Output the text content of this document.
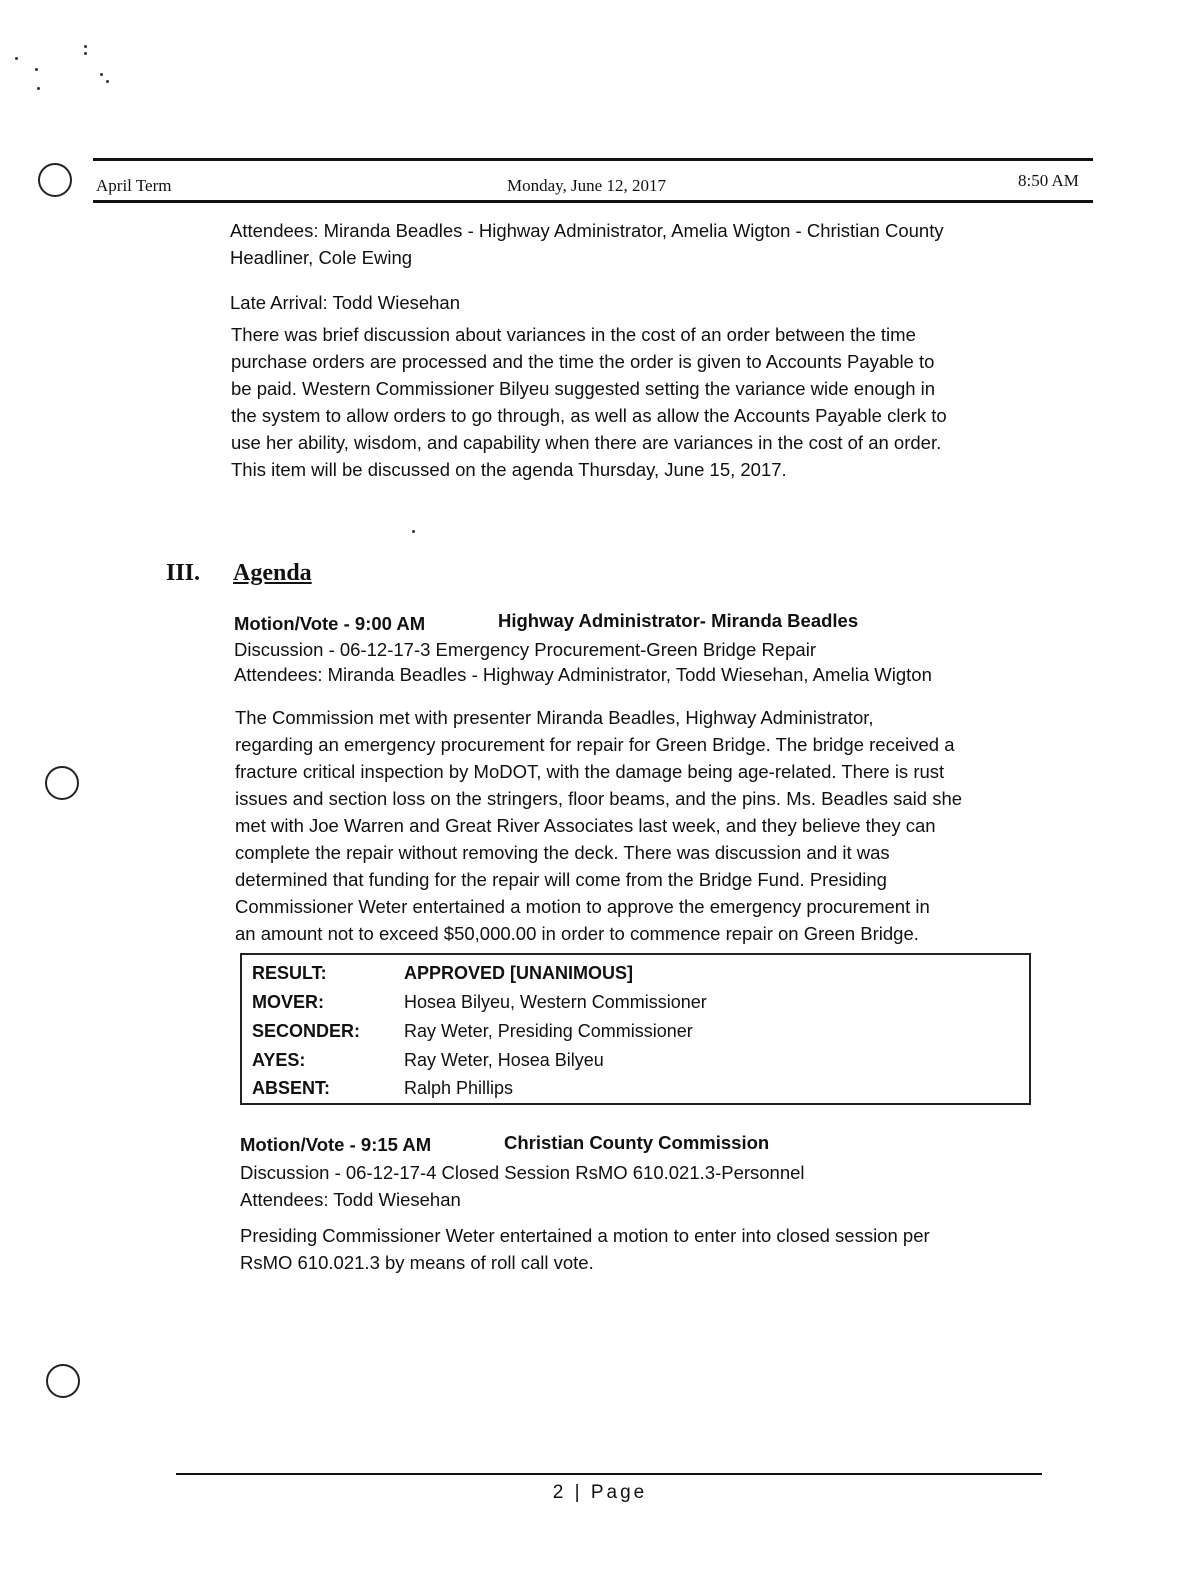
April Term	Monday, June 12, 2017	8:50 AM
Attendees: Miranda Beadles - Highway Administrator, Amelia Wigton - Christian County
Headliner, Cole Ewing
Late Arrival: Todd Wiesehan
There was brief discussion about variances in the cost of an order between the time
purchase orders are processed and the time the order is given to Accounts Payable to
be paid. Western Commissioner Bilyeu suggested setting the variance wide enough in
the system to allow orders to go through, as well as allow the Accounts Payable clerk to
use her ability, wisdom, and capability when there are variances in the cost of an order.
This item will be discussed on the agenda Thursday, June 15, 2017.
III. Agenda
Motion/Vote - 9:00 AM	Highway Administrator- Miranda Beadles
Discussion - 06-12-17-3 Emergency Procurement-Green Bridge Repair
Attendees: Miranda Beadles - Highway Administrator, Todd Wiesehan, Amelia Wigton
The Commission met with presenter Miranda Beadles, Highway Administrator,
regarding an emergency procurement for repair for Green Bridge. The bridge received a
fracture critical inspection by MoDOT, with the damage being age-related. There is rust
issues and section loss on the stringers, floor beams, and the pins. Ms. Beadles said she
met with Joe Warren and Great River Associates last week, and they believe they can
complete the repair without removing the deck. There was discussion and it was
determined that funding for the repair will come from the Bridge Fund. Presiding
Commissioner Weter entertained a motion to approve the emergency procurement in
an amount not to exceed $50,000.00 in order to commence repair on Green Bridge.
RESULT:	APPROVED [UNANIMOUS]
MOVER:	Hosea Bilyeu, Western Commissioner
SECONDER: Ray Weter, Presiding Commissioner
AYES:	Ray Weter, Hosea Bilyeu
ABSENT:	Ralph Phillips
Motion/Vote - 9:15 AM	Christian County Commission
Discussion - 06-12-17-4 Closed Session RsMO 610.021.3-Personnel
Attendees: Todd Wiesehan
Presiding Commissioner Weter entertained a motion to enter into closed session per
RsMO 610.021.3 by means of roll call vote.
2 | Page
